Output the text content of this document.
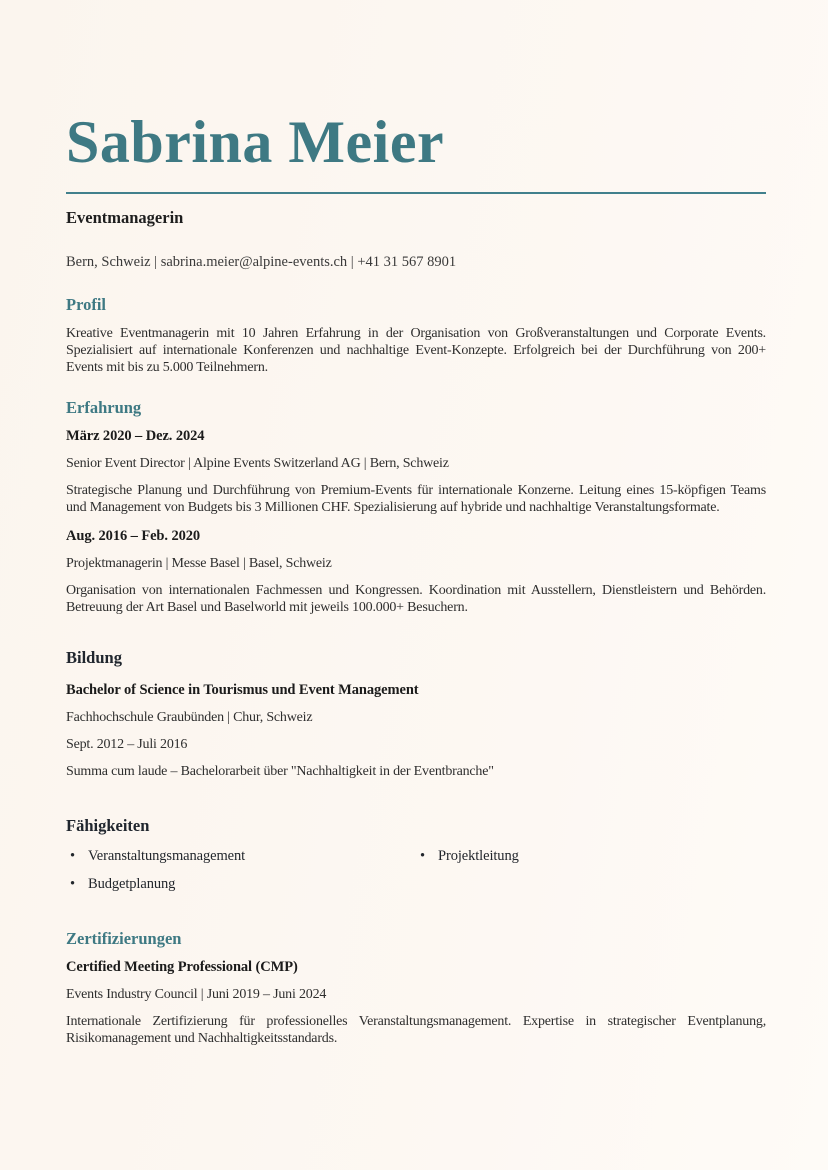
Sabrina Meier

Eventmanagerin

Bern, Schweiz | sabrina.meier@alpine-events.ch | +41 31 567 8901

Profil

Kreative Eventmanagerin mit 10 Jahren Erfahrung in der Organisation von Großveranstaltungen und Corporate Events. Spezialisiert auf internationale Konferenzen und nachhaltige Event-Konzepte. Erfolgreich bei der Durchführung von 200+ Events mit bis zu 5.000 Teilnehmern.

Erfahrung
März 2020 – Dez. 2024

Senior Event Director | Alpine Events Switzerland AG | Bern, Schweiz

Strategische Planung und Durchführung von Premium-Events für internationale Konzerne. Leitung eines 15-köpfigen Teams und Management von Budgets bis 3 Millionen CHF. Spezialisierung auf hybride und nachhaltige Veranstaltungsformate.

Aug. 2016 – Feb. 2020

Projektmanagerin | Messe Basel | Basel, Schweiz

Organisation von internationalen Fachmessen und Kongressen. Koordination mit Ausstellern, Dienstleistern und Behörden. Betreuung der Art Basel und Baselworld mit jeweils 100.000+ Besuchern.

Bildung
Bachelor of Science in Tourismus und Event Management

Fachhochschule Graubünden | Chur, Schweiz

Sept. 2012 – Juli 2016

Summa cum laude – Bachelorarbeit über "Nachhaltigkeit in der Eventbranche"

Fähigkeiten
• Veranstaltungsmanagement	• Projektleitung
• Budgetplanung
Zertifizierungen
Certified Meeting Professional (CMP)

Events Industry Council | Juni 2019 – Juni 2024

Internationale Zertifizierung für professionelles Veranstaltungsmanagement. Expertise in strategischer Eventplanung, Risikomanagement und Nachhaltigkeitsstandards.
